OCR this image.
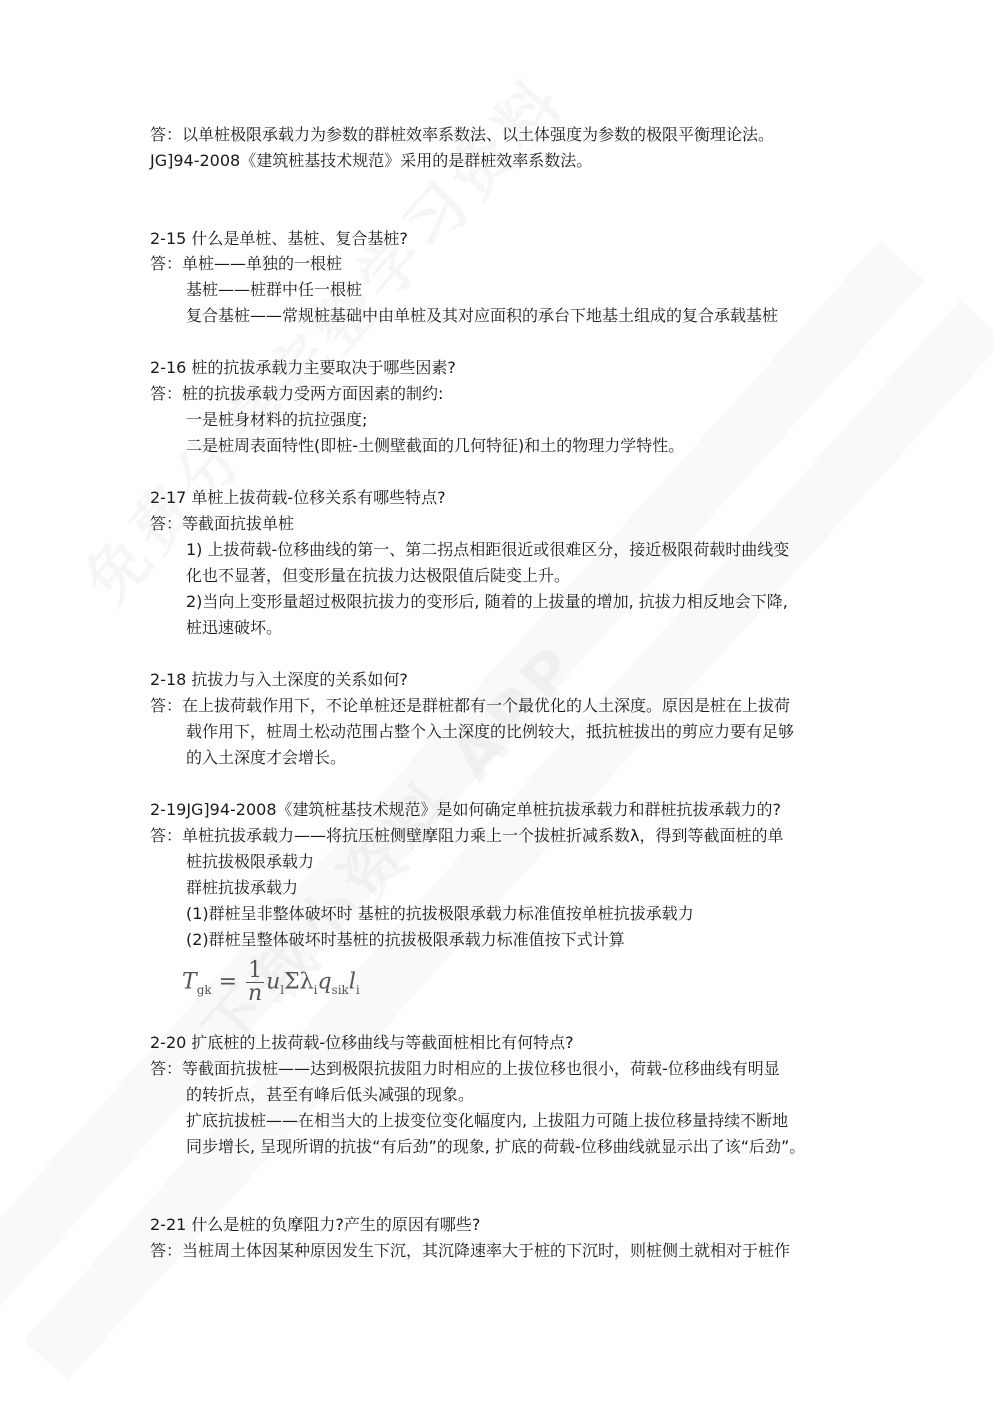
答：以单桩极限承载力为参数的群桩效率系数法、以土体强度为参数的极限平衡理论法。
JG]94-2008《建筑桩基技术规范》采用的是群桩效率系数法。
2-15 什么是单桩、基桩、复合基桩?
答：单桩——单独的一根桩
基桩——桩群中任一根桩
复合基桩——常规桩基础中由单桩及其对应面积的承台下地基土组成的复合承载基桩
2-16 桩的抗拔承载力主要取决于哪些因素?
答：桩的抗拔承载力受两方面因素的制约:
一是桩身材料的抗拉强度;
二是桩周表面特性(即桩-土侧壁截面的几何特征)和土的物理力学特性。
2-17 单桩上拔荷载-位移关系有哪些特点?
答：等截面抗拔单桩
1) 上拔荷载-位移曲线的第一、第二拐点相距很近或很难区分，接近极限荷载时曲线变
化也不显著，但变形量在抗拔力达极限值后陡变上升。
2)当向上变形量超过极限抗拔力的变形后, 随着的上拔量的增加, 抗拔力相反地会下降,
桩迅速破坏。
2-18 抗拔力与入土深度的关系如何?
答：在上拔荷载作用下，不论单桩还是群桩都有一个最优化的人土深度。原因是桩在上拔荷
载作用下，桩周土松动范围占整个入土深度的比例较大，抵抗桩拔出的剪应力要有足够
的入土深度才会增长。
2-19JG]94-2008《建筑桩基技术规范》是如何确定单桩抗拔承载力和群桩抗拔承载力的?
答：单桩抗拔承载力——将抗压桩侧壁摩阻力乘上一个拔桩折减系数λ，得到等截面桩的单
桩抗拔极限承载力
群桩抗拔承载力
(1)群桩呈非整体破坏时 基桩的抗拔极限承载力标准值按单桩抗拔承载力
(2)群桩呈整体破坏时基桩的抗拔极限承载力标准值按下式计算
2-20 扩底桩的上拔荷载-位移曲线与等截面桩相比有何特点?
答：等截面抗拔桩——达到极限抗拔阻力时相应的上拔位移也很小，荷载-位移曲线有明显
的转折点，甚至有峰后低头减强的现象。
扩底抗拔桩——在相当大的上拔变位变化幅度内, 上拔阻力可随上拔位移量持续不断地
同步增长, 呈现所谓的抗拔“有后劲”的现象, 扩底的荷载-位移曲线就显示出了该“后劲”。
2-21 什么是桩的负摩阻力?产生的原因有哪些?
答：当桩周土体因某种原因发生下沉，其沉降速率大于桩的下沉时，则桩侧土就相对于桩作
$T_{gk} = \frac{1}{n} u_l\Sigma\lambda_iq_{sik}l_i$
